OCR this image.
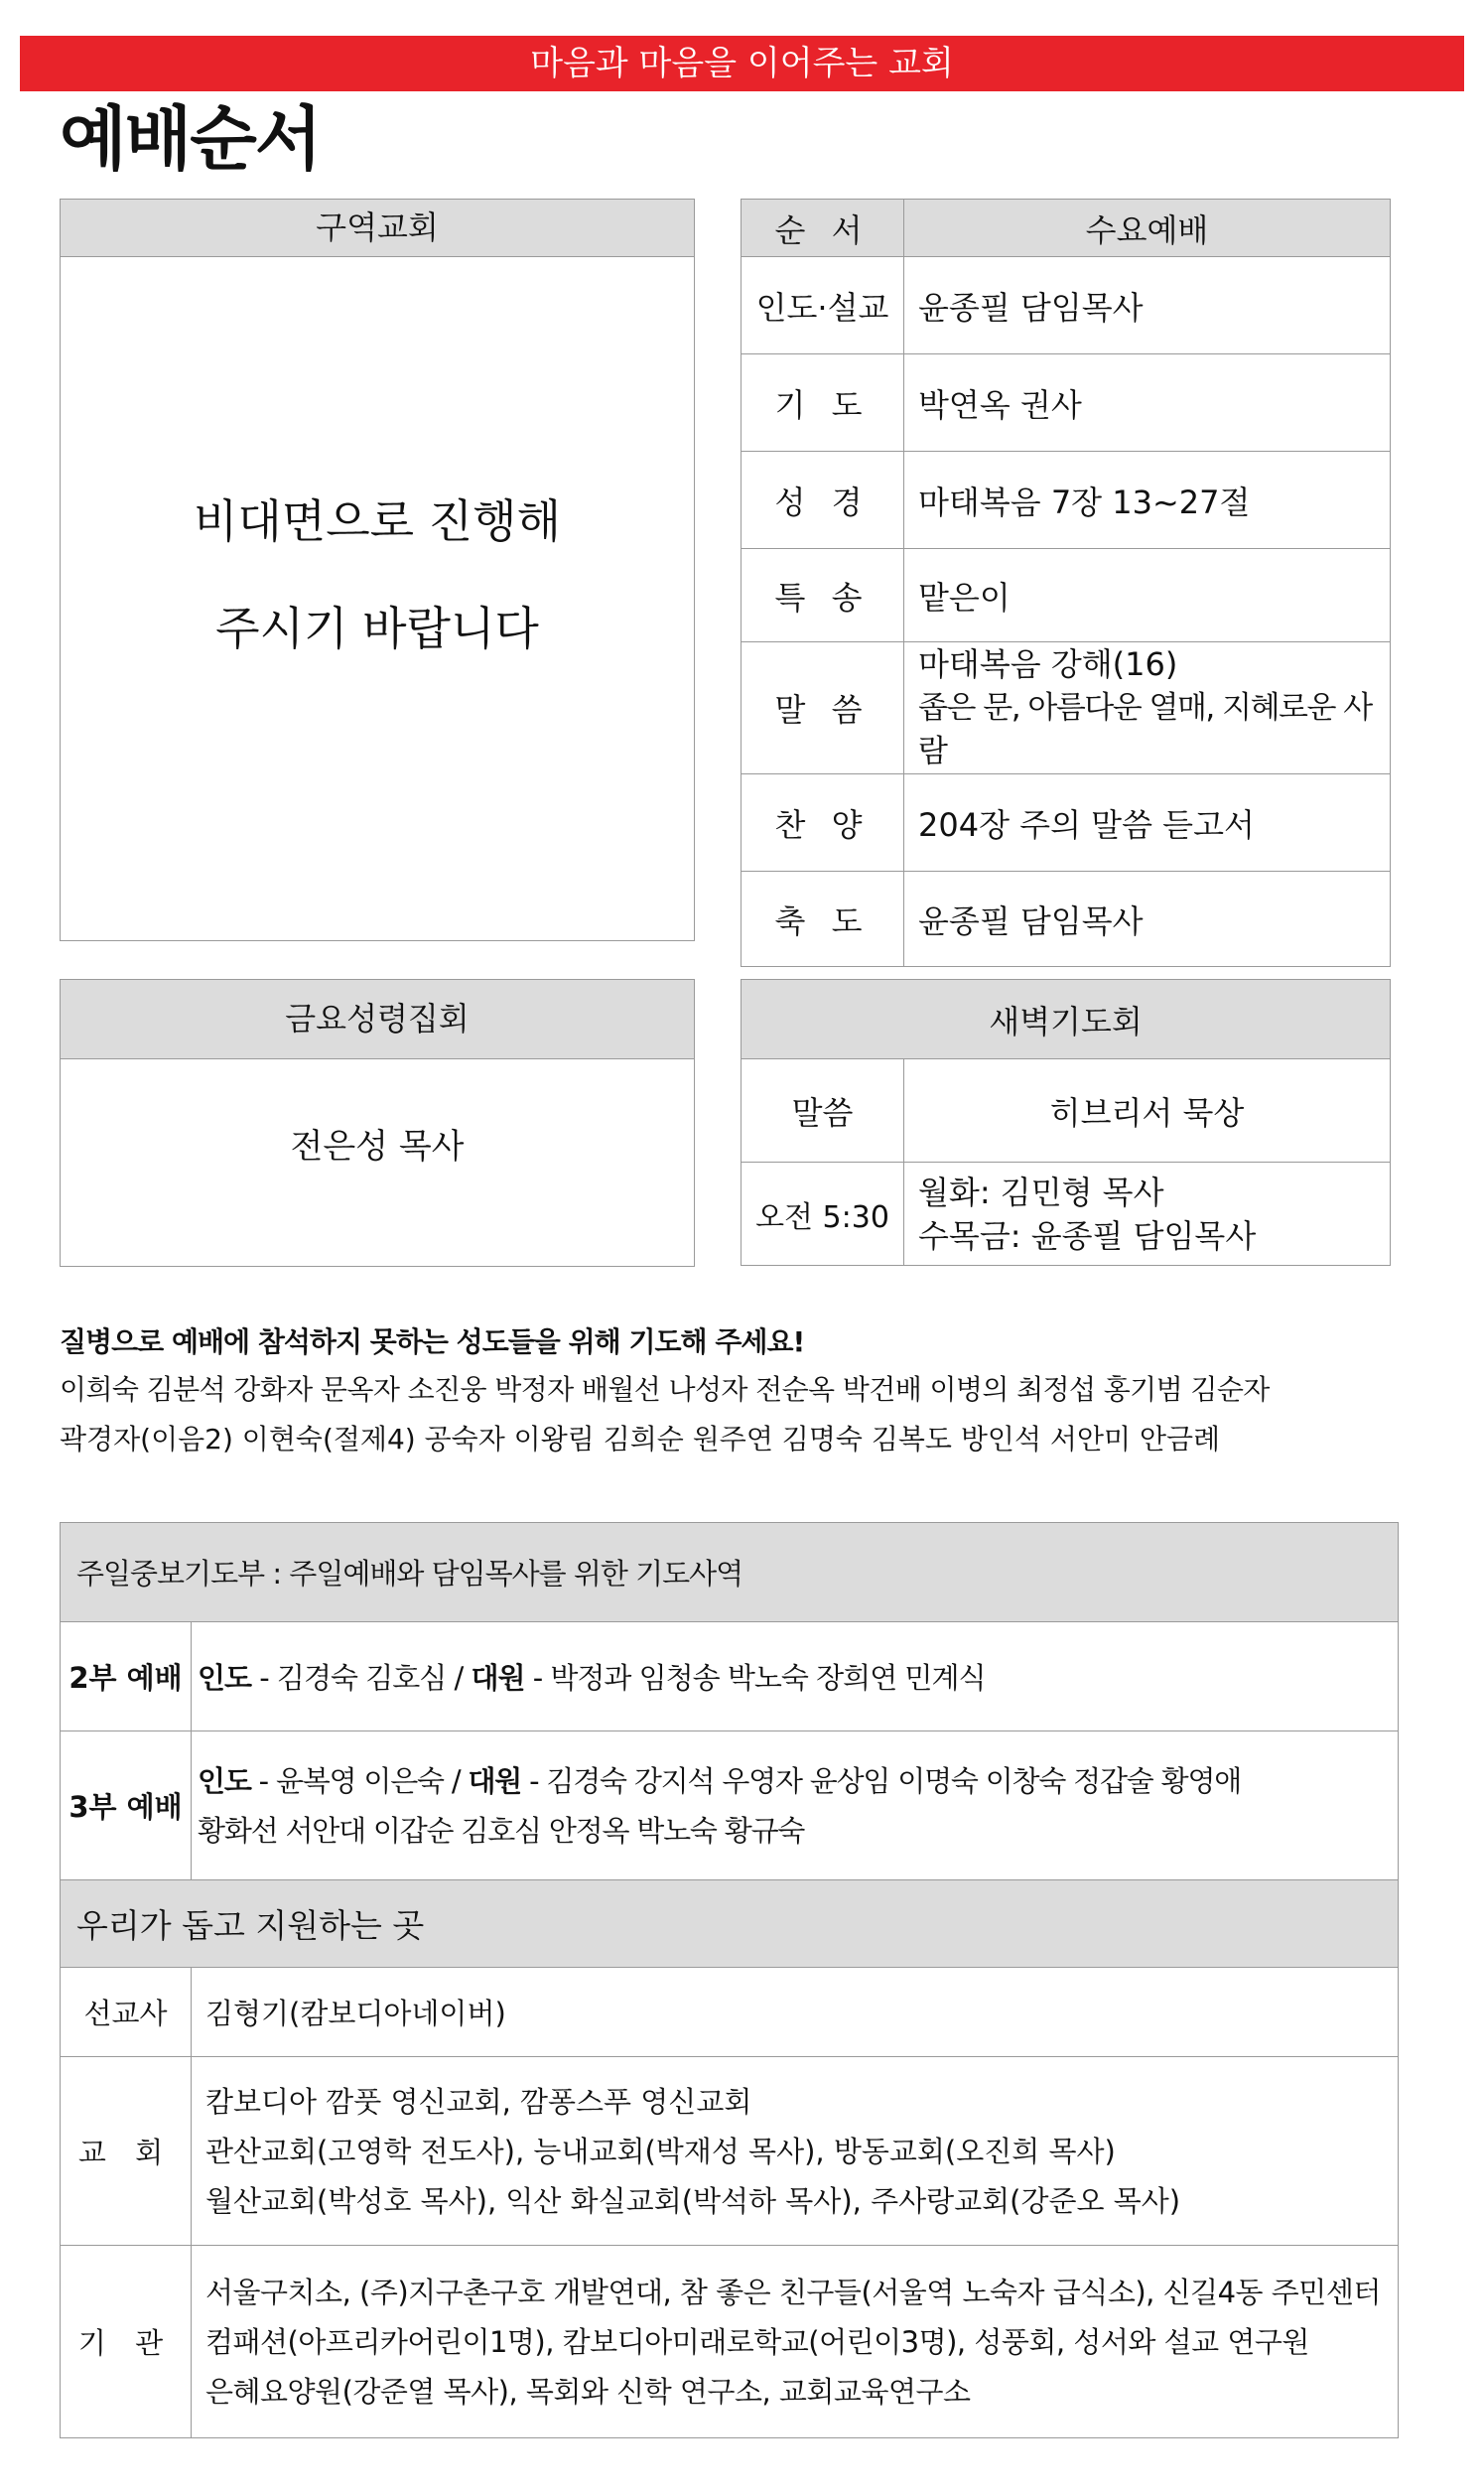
마음과 마음을 이어주는 교회
예배순서
구역교회
비대면으로 진행해
주시기 바랍니다
순 서	수요예배
인도·설교	윤종필 담임목사
기 도	박연옥 권사
성 경	마태복음 7장 13~27절
특 송	맡은이
말 씀	마태복음 강해(16)
좁은 문, 아름다운 열매, 지혜로운 사람

찬 양	204장 주의 말씀 듣고서
축 도	윤종필 담임목사
금요성령집회
전은성 목사
새벽기도회	
말씀	히브리서 묵상
오전 5:30	월화: 김민형 목사
수목금: 윤종필 담임목사
질병으로 예배에 참석하지 못하는 성도들을 위해 기도해 주세요!
이희숙 김분석 강화자 문옥자 소진웅 박정자 배월선 나성자 전순옥 박건배 이병의 최정섭 홍기범 김순자
곽경자(이음2) 이현숙(절제4) 공숙자 이왕림 김희순 원주연 김명숙 김복도 방인석 서안미 안금례
주일중보기도부 : 주일예배와 담임목사를 위한 기도사역	
2부 예배	인도 - 김경숙 김호심 / 대원 - 박정과 임청송 박노숙 장희연 민계식
3부 예배	인도 - 윤복영 이은숙 / 대원 - 김경숙 강지석 우영자 윤상임 이명숙 이창숙 정갑술 황영애
황화선 서안대 이갑순 김호심 안정옥 박노숙 황규숙

우리가 돕고 지원하는 곳	
선교사	김형기(캄보디아네이버)
교 회	캄보디아 깜풋 영신교회, 깜퐁스푸 영신교회
관산교회(고영학 전도사), 능내교회(박재성 목사), 방동교회(오진희 목사)
월산교회(박성호 목사), 익산 화실교회(박석하 목사), 주사랑교회(강준오 목사)

기 관	서울구치소, (주)지구촌구호 개발연대, 참 좋은 친구들(서울역 노숙자 급식소), 신길4동 주민센터
컴패션(아프리카어린이1명), 캄보디아미래로학교(어린이3명), 성풍회, 성서와 설교 연구원
은혜요양원(강준열 목사), 목회와 신학 연구소, 교회교육연구소
